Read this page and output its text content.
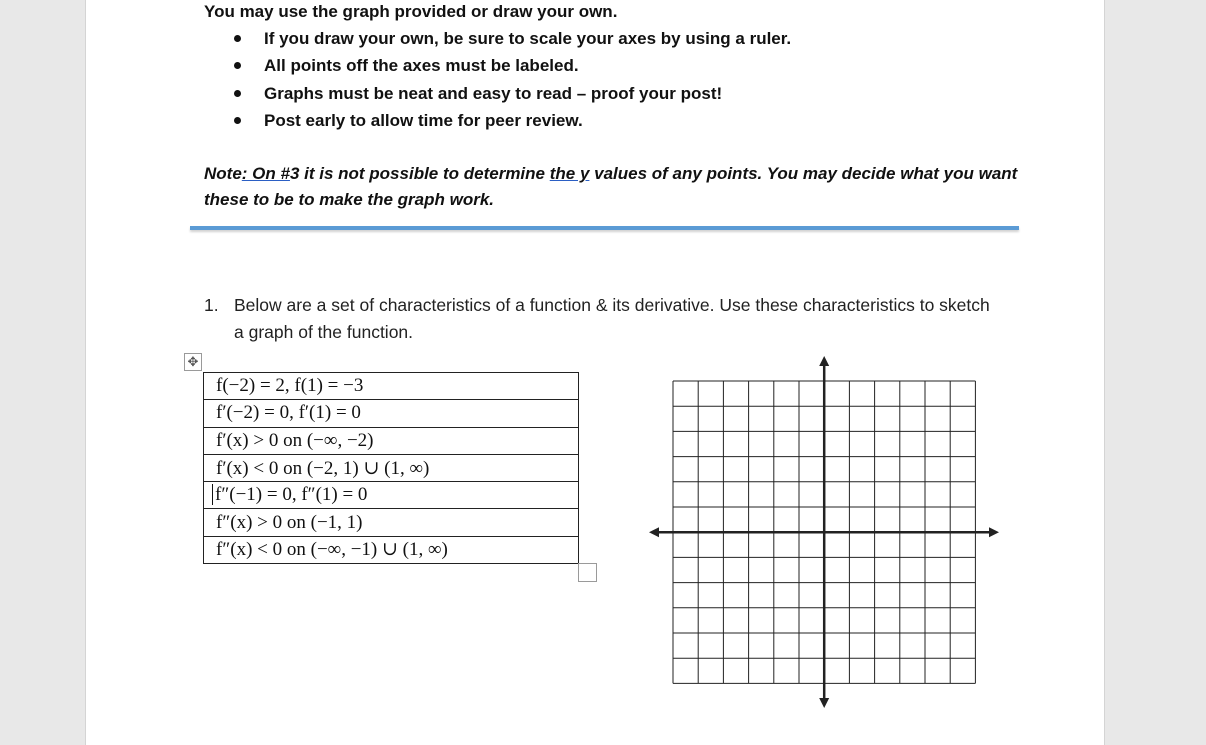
You may use the graph provided or draw your own.
If you draw your own, be sure to scale your axes by using a ruler.
All points off the axes must be labeled.
Graphs must be neat and easy to read – proof your post!
Post early to allow time for peer review.
Note: On #3 it is not possible to determine the y values of any points. You may decide what you want these to be to make the graph work.
1. Below are a set of characteristics of a function & its derivative. Use these characteristics to sketch a graph of the function.
✥
f(−2) = 2, f(1) = −3
f′(−2) = 0, f′(1) = 0
f′(x) > 0 on (−∞, −2)
f′(x) < 0 on (−2, 1) ∪ (1, ∞)
f″(−1) = 0, f″(1) = 0
f″(x) > 0 on (−1, 1)
f″(x) < 0 on (−∞, −1) ∪ (1, ∞)
